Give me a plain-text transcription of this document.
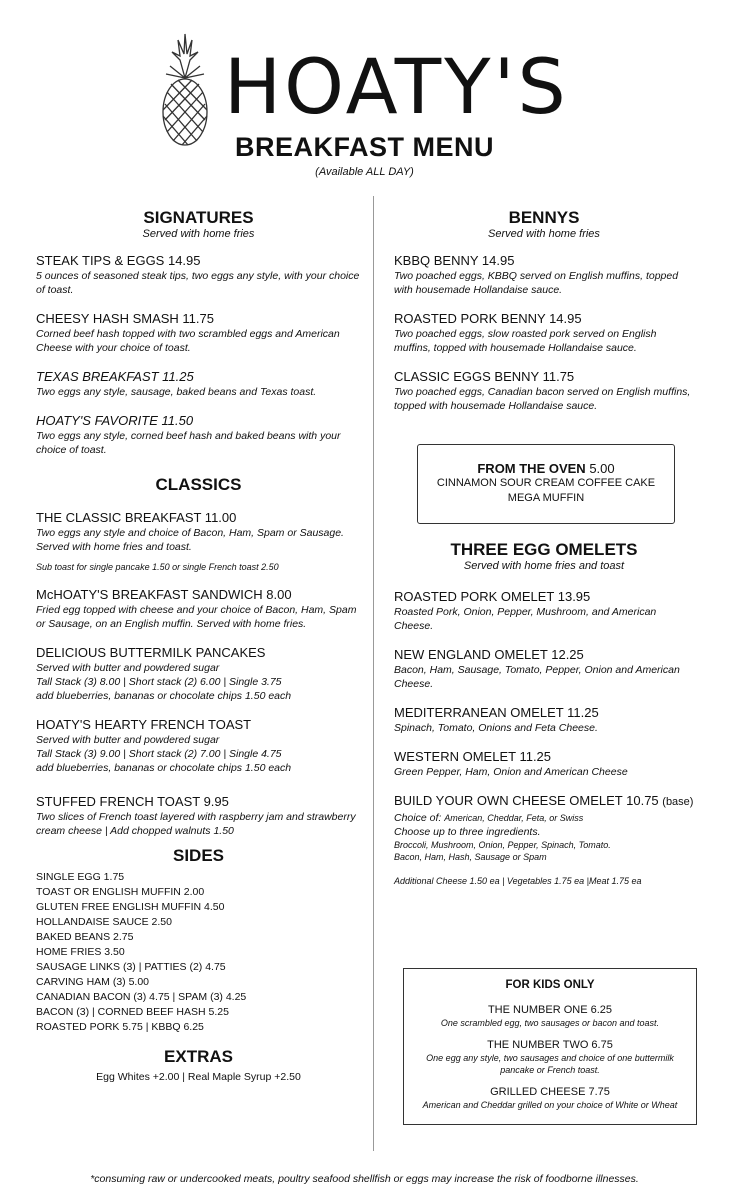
HOATY'S
BREAKFAST MENU
(Available ALL DAY)
SIGNATURES

Served with home fries

STEAK TIPS & EGGS 14.95
5 ounces of seasoned steak tips, two eggs any style, with your choice of toast.
CHEESY HASH SMASH 11.75
Corned beef hash topped with two scrambled eggs and American Cheese with your choice of toast.
TEXAS BREAKFAST 11.25
Two eggs any style, sausage, baked beans and Texas toast.
HOATY'S FAVORITE 11.50
Two eggs any style, corned beef hash and baked beans with your choice of toast.
CLASSICS
THE CLASSIC BREAKFAST 11.00
Two eggs any style and choice of Bacon, Ham, Spam or Sausage. Served with home fries and toast.
Sub toast for single pancake 1.50 or single French toast 2.50
McHOATY'S BREAKFAST SANDWICH 8.00
Fried egg topped with cheese and your choice of Bacon, Ham, Spam or Sausage, on an English muffin. Served with home fries.
DELICIOUS BUTTERMILK PANCAKES
Served with butter and powdered sugar
Tall Stack (3) 8.00 | Short stack (2) 6.00 | Single 3.75
add blueberries, bananas or chocolate chips 1.50 each
HOATY'S HEARTY FRENCH TOAST
Served with butter and powdered sugar
Tall Stack (3) 9.00 | Short stack (2) 7.00 | Single 4.75
add blueberries, bananas or chocolate chips 1.50 each
STUFFED FRENCH TOAST 9.95
Two slices of French toast layered with raspberry jam and strawberry cream cheese | Add chopped walnuts 1.50
SIDES
SINGLE EGG 1.75
TOAST OR ENGLISH MUFFIN 2.00
GLUTEN FREE ENGLISH MUFFIN 4.50
HOLLANDAISE SAUCE 2.50
BAKED BEANS 2.75
HOME FRIES 3.50
SAUSAGE LINKS (3) | PATTIES (2) 4.75
CARVING HAM (3) 5.00
CANADIAN BACON (3) 4.75 | SPAM (3) 4.25
BACON (3) | CORNED BEEF HASH 5.25
ROASTED PORK 5.75 | KBBQ 6.25
EXTRAS
Egg Whites +2.00 | Real Maple Syrup +2.50
BENNYS

Served with home fries

KBBQ BENNY 14.95
Two poached eggs, KBBQ served on English muffins, topped with housemade Hollandaise sauce.
ROASTED PORK BENNY 14.95
Two poached eggs, slow roasted pork served on English muffins, topped with housemade Hollandaise sauce.
CLASSIC EGGS BENNY 11.75
Two poached eggs, Canadian bacon served on English muffins, topped with housemade Hollandaise sauce.
FROM THE OVEN 5.00
CINNAMON SOUR CREAM COFFEE CAKE
MEGA MUFFIN
THREE EGG OMELETS

Served with home fries and toast

ROASTED PORK OMELET 13.95
Roasted Pork, Onion, Pepper, Mushroom, and American Cheese.
NEW ENGLAND OMELET 12.25
Bacon, Ham, Sausage, Tomato, Pepper, Onion and American Cheese.
MEDITERRANEAN OMELET 11.25
Spinach, Tomato, Onions and Feta Cheese.
WESTERN OMELET 11.25
Green Pepper, Ham, Onion and American Cheese
BUILD YOUR OWN CHEESE OMELET 10.75 (base)
Choice of: American, Cheddar, Feta, or Swiss
Choose up to three ingredients.
Broccoli, Mushroom, Onion, Pepper, Spinach, Tomato.
Bacon, Ham, Hash, Sausage or Spam
Additional Cheese 1.50 ea | Vegetables 1.75 ea |Meat 1.75 ea
FOR KIDS ONLY
THE NUMBER ONE 6.25
One scrambled egg, two sausages or bacon and toast.
THE NUMBER TWO 6.75
One egg any style, two sausages and choice of one buttermilk pancake or French toast.
GRILLED CHEESE 7.75
American and Cheddar grilled on your choice of White or Wheat
*consuming raw or undercooked meats, poultry seafood shellfish or eggs may increase the risk of foodborne illnesses.
